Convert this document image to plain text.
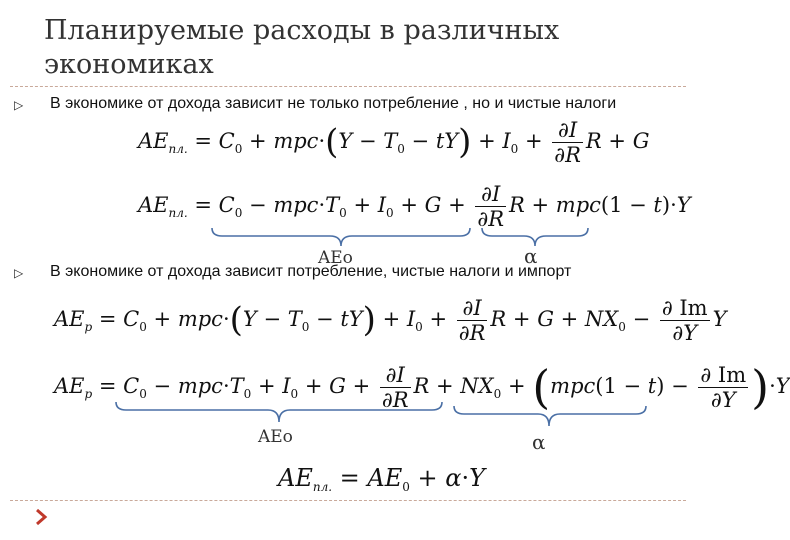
Планируемые расходы в различных экономиках
▷ В экономике от дохода зависит не только потребление , но и чистые налоги
$AE_{пл.} = C_0 + mpc\cdot(Y - T_0 - tY) + I_0 + \frac{\partial I}{\partial R}$ R + G
$AE_{пл.} = C_0 - mpc\cdot T_0 + I_0 + G + \frac{\partial I}{\partial R}$ R + mpc(1 − t)·Y
AEo	α
▷ В экономике от дохода зависит потребление, чистые налоги и импорт
$AE_р = C_0 + mpc\cdot(Y - T_0 - tY) + I_0 + \frac{\partial I}{\partial R}$ $R + G + NX_0 - \frac{\partial Im}{\partial Y}$ Y
$AE_р = C_0 - mpc\cdot T_0 + I_0 + G + \frac{\partial I}{\partial R}$ $R + NX_0 + (mpc(1 - t) - \frac{\partial Im}{\partial Y} )\cdot Y$
AEo	α
$AE_{пл.} = AE_0 + \alpha\cdot Y$
